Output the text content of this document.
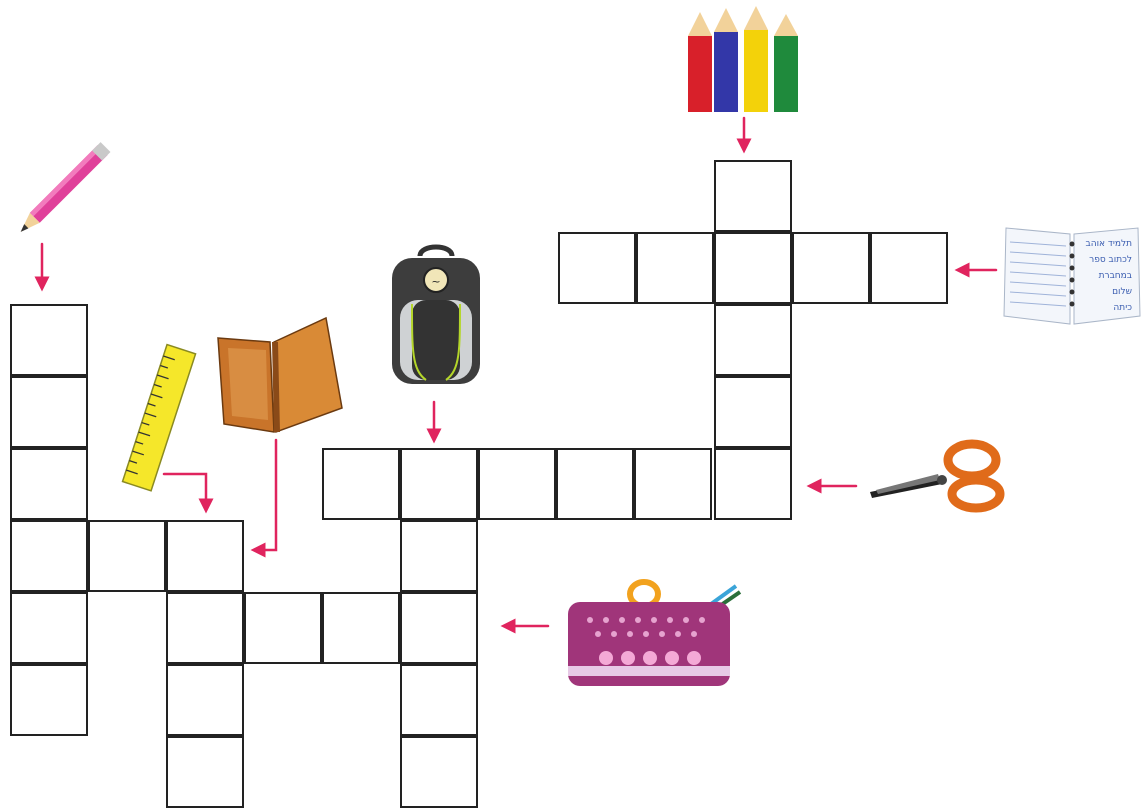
תלמיד אוהב
לכתוב ספר
במחברת
שלום
כיתה
~
